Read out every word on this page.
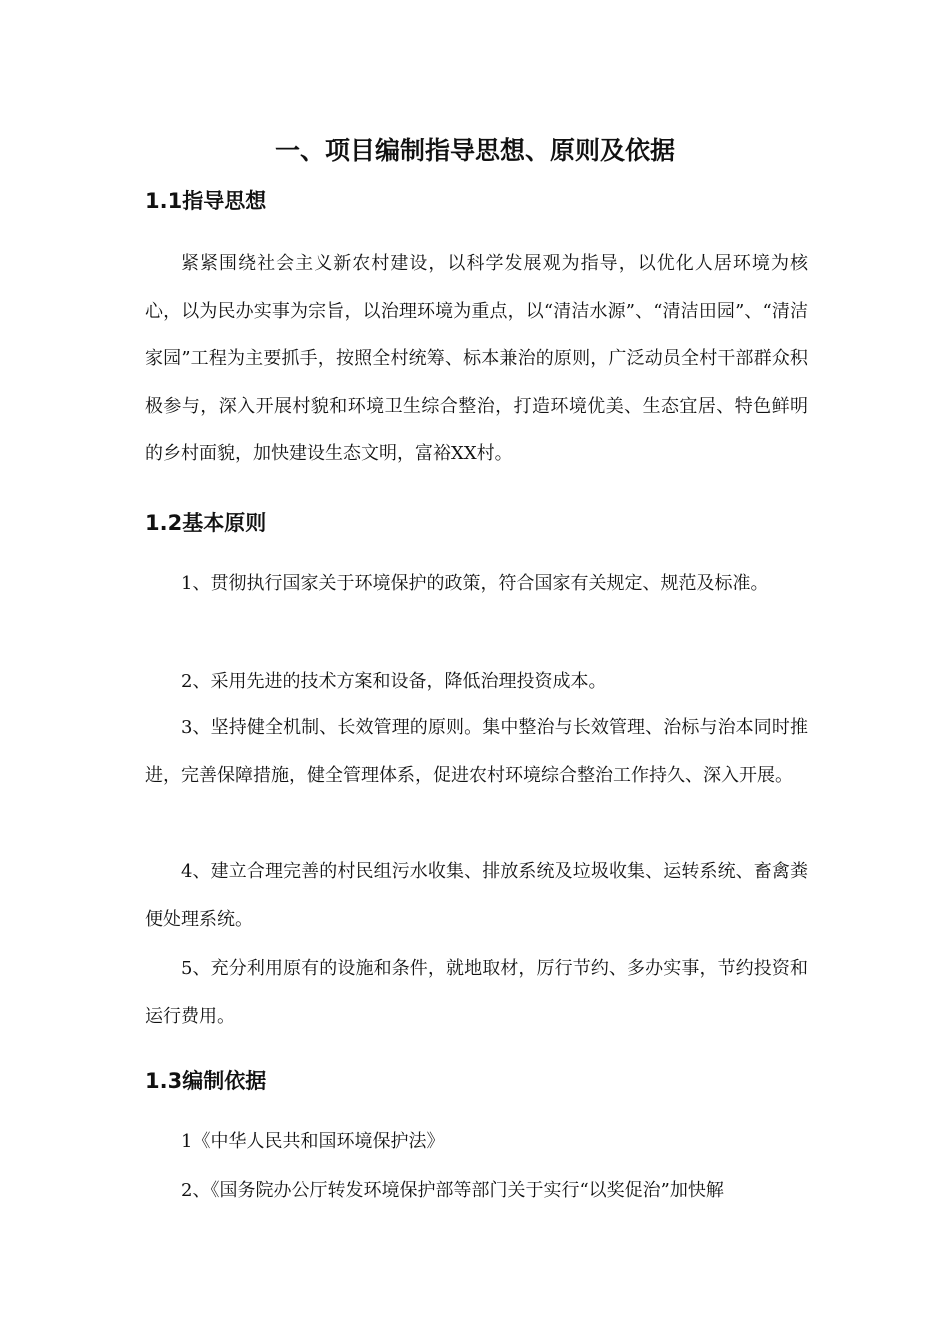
一、项目编制指导思想、原则及依据
1.1指导思想

紧紧围绕社会主义新农村建设，以科学发展观为指导，以优化人居环境为核心，以为民办实事为宗旨，以治理环境为重点，以“清洁水源”、“清洁田园”、“清洁家园”工程为主要抓手，按照全村统筹、标本兼治的原则，广泛动员全村干部群众积极参与，深入开展村貌和环境卫生综合整治，打造环境优美、生态宜居、特色鲜明的乡村面貌，加快建设生态文明，富裕XX村。

1.2基本原则

1、贯彻执行国家关于环境保护的政策，符合国家有关规定、规范及标准。

2、采用先进的技术方案和设备，降低治理投资成本。

3、坚持健全机制、长效管理的原则。集中整治与长效管理、治标与治本同时推进，完善保障措施，健全管理体系，促进农村环境综合整治工作持久、深入开展。

4、建立合理完善的村民组污水收集、排放系统及垃圾收集、运转系统、畜禽粪便处理系统。

5、充分利用原有的设施和条件，就地取材，厉行节约、多办实事，节约投资和运行费用。

1.3编制依据

1《中华人民共和国环境保护法》

2、《国务院办公厅转发环境保护部等部门关于实行“以奖促治”加快解
